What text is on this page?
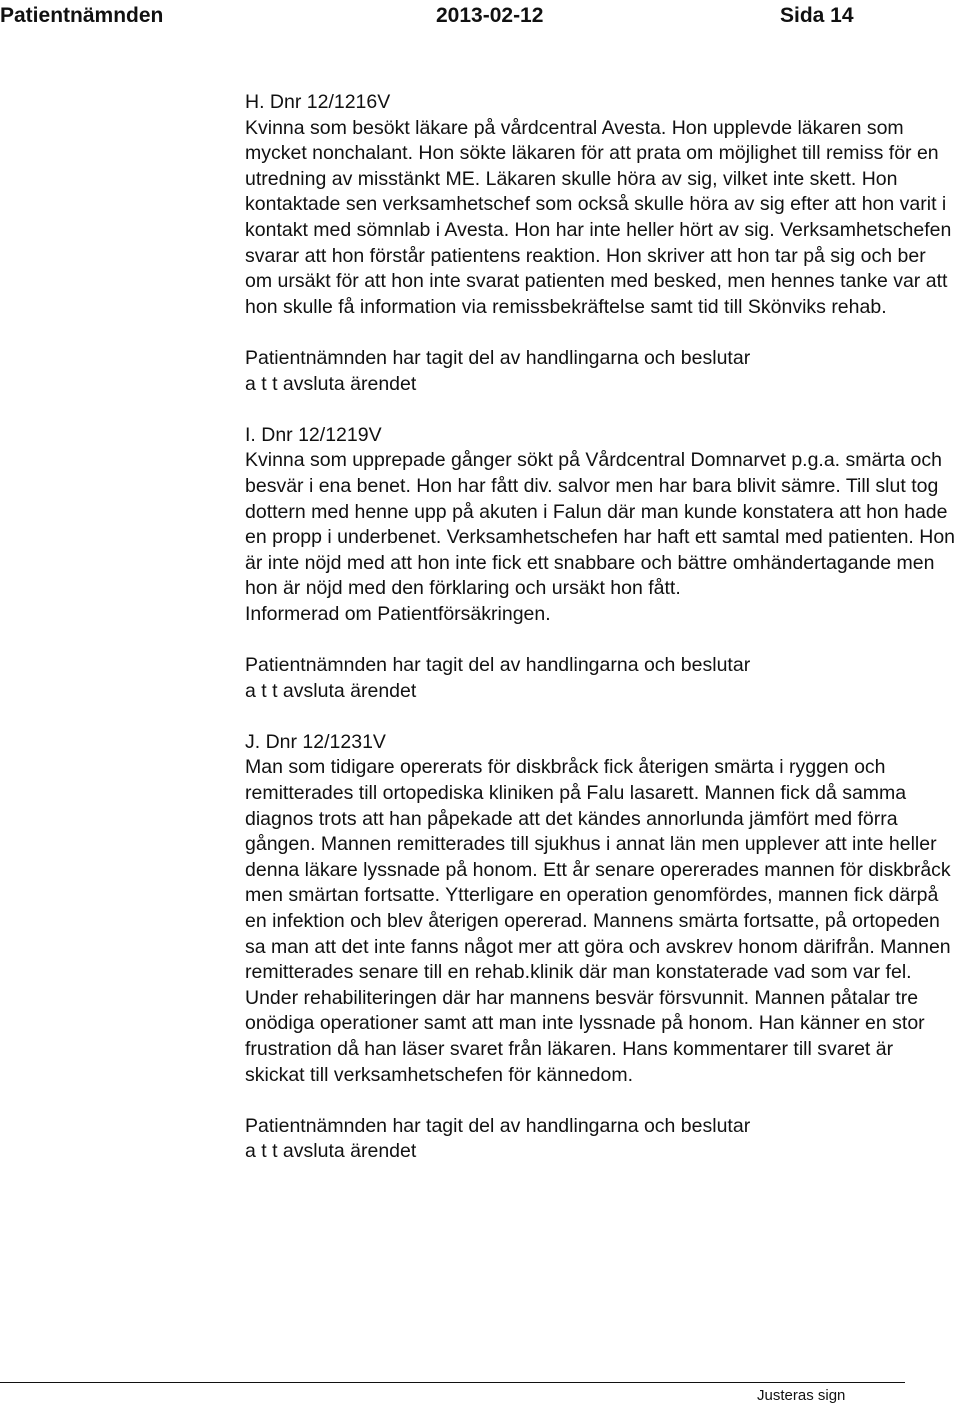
Patientnämnden	2013-02-12	Sida 14
H. Dnr 12/1216V

Kvinna som besökt läkare på vårdcentral Avesta. Hon upplevde läkaren som mycket nonchalant. Hon sökte läkaren för att prata om möjlighet till remiss för en utredning av misstänkt ME. Läkaren skulle höra av sig, vilket inte skett. Hon kontaktade sen verksamhetschef som också skulle höra av sig efter att hon varit i kontakt med sömnlab i Avesta. Hon har inte heller hört av sig. Verksamhetschefen svarar att hon förstår patientens reaktion. Hon skriver att hon tar på sig och ber om ursäkt för att hon inte svarat patienten med besked, men hennes tanke var att hon skulle få information via remissbekräftelse samt tid till Skönviks rehab.

Patientnämnden har tagit del av handlingarna och beslutar

a t t avsluta ärendet

I. Dnr 12/1219V

Kvinna som upprepade gånger sökt på Vårdcentral Domnarvet p.g.a. smärta och besvär i ena benet. Hon har fått div. salvor men har bara blivit sämre. Till slut tog dottern med henne upp på akuten i Falun där man kunde konstatera att hon hade en propp i underbenet. Verksamhetschefen har haft ett samtal med patienten. Hon är inte nöjd med att hon inte fick ett snabbare och bättre omhändertagande men hon är nöjd med den förklaring och ursäkt hon fått.

Informerad om Patientförsäkringen.

Patientnämnden har tagit del av handlingarna och beslutar

a t t avsluta ärendet

J. Dnr 12/1231V

Man som tidigare opererats för diskbråck fick återigen smärta i ryggen och remitterades till ortopediska kliniken på Falu lasarett. Mannen fick då samma diagnos trots att han påpekade att det kändes annorlunda jämfört med förra gången. Mannen remitterades till sjukhus i annat län men upplever att inte heller denna läkare lyssnade på honom. Ett år senare opererades mannen för diskbråck men smärtan fortsatte. Ytterligare en operation genomfördes, mannen fick därpå en infektion och blev återigen opererad. Mannens smärta fortsatte, på ortopeden sa man att det inte fanns något mer att göra och avskrev honom därifrån. Mannen remitterades senare till en rehab.klinik där man konstaterade vad som var fel. Under rehabiliteringen där har mannens besvär försvunnit. Mannen påtalar tre onödiga operationer samt att man inte lyssnade på honom. Han känner en stor frustration då han läser svaret från läkaren. Hans kommentarer till svaret är skickat till verksamhetschefen för kännedom.

Patientnämnden har tagit del av handlingarna och beslutar

a t t avsluta ärendet

Justeras sign
